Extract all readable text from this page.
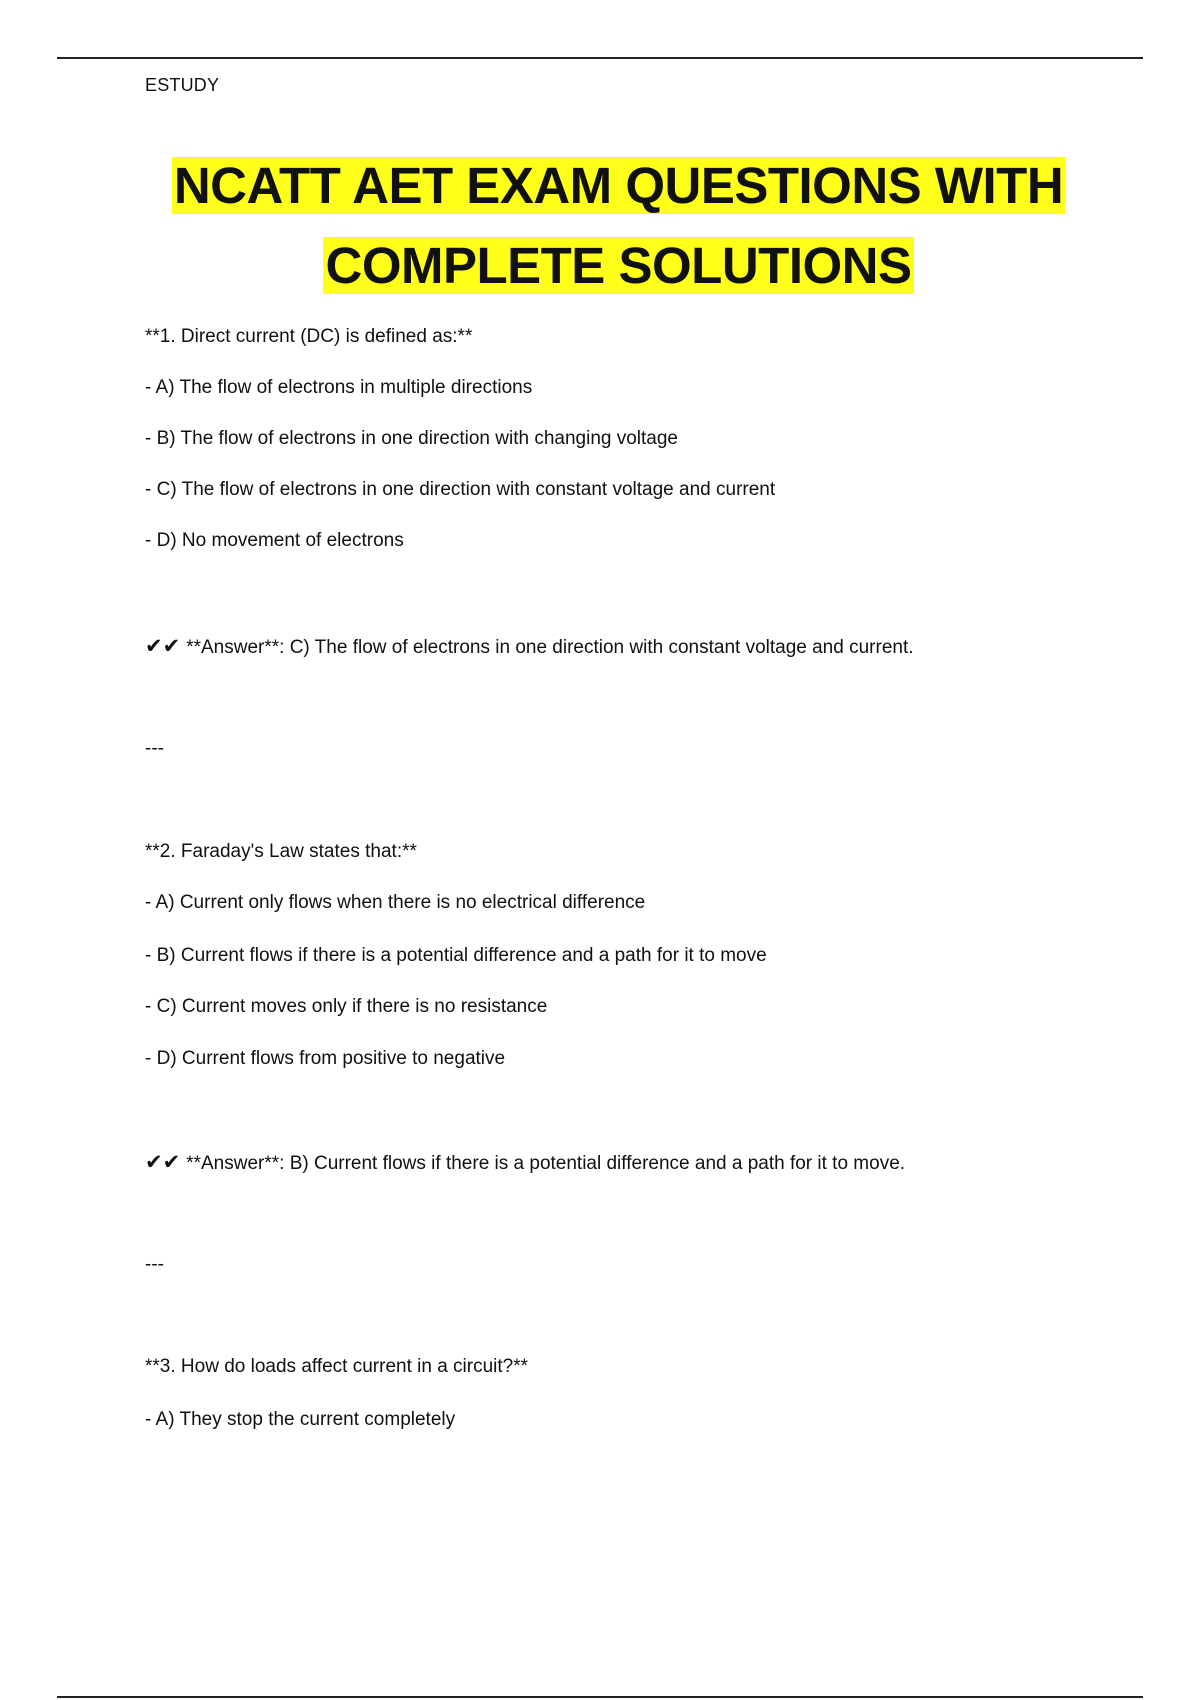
ESTUDY
NCATT AET EXAM QUESTIONS WITH
COMPLETE SOLUTIONS

**1. Direct current (DC) is defined as:**

- A) The flow of electrons in multiple directions

- B) The flow of electrons in one direction with changing voltage

- C) The flow of electrons in one direction with constant voltage and current

- D) No movement of electrons

✔✔ **Answer**: C) The flow of electrons in one direction with constant voltage and current.

---

**2. Faraday's Law states that:**

- A) Current only flows when there is no electrical difference

- B) Current flows if there is a potential difference and a path for it to move

- C) Current moves only if there is no resistance

- D) Current flows from positive to negative

✔✔ **Answer**: B) Current flows if there is a potential difference and a path for it to move.

---

**3. How do loads affect current in a circuit?**

- A) They stop the current completely
